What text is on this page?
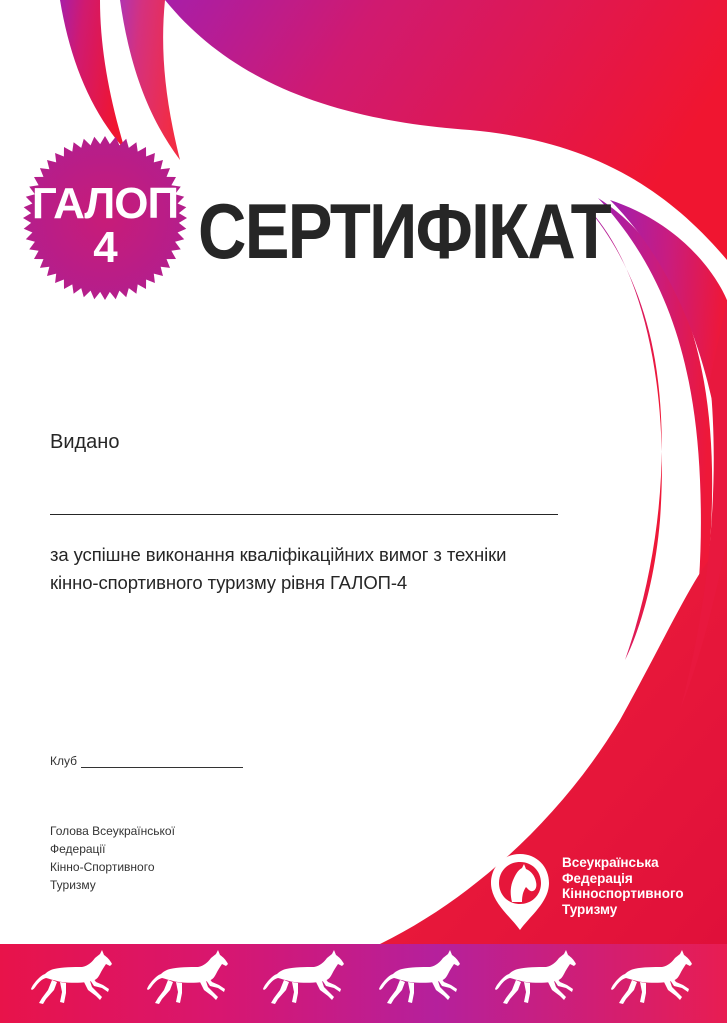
ГАЛОП
4	СЕРТИФІКАТ
Видано
за успішне виконання кваліфікаційних вимог з техніки
кінно-спортивного туризму рівня ГАЛОП-4
Клуб
Голова Всеукраїнської
Федерації
Кінно-Спортивного
Туризму
Всеукраїнська
Федерація
Кінноспортивного
Туризму
